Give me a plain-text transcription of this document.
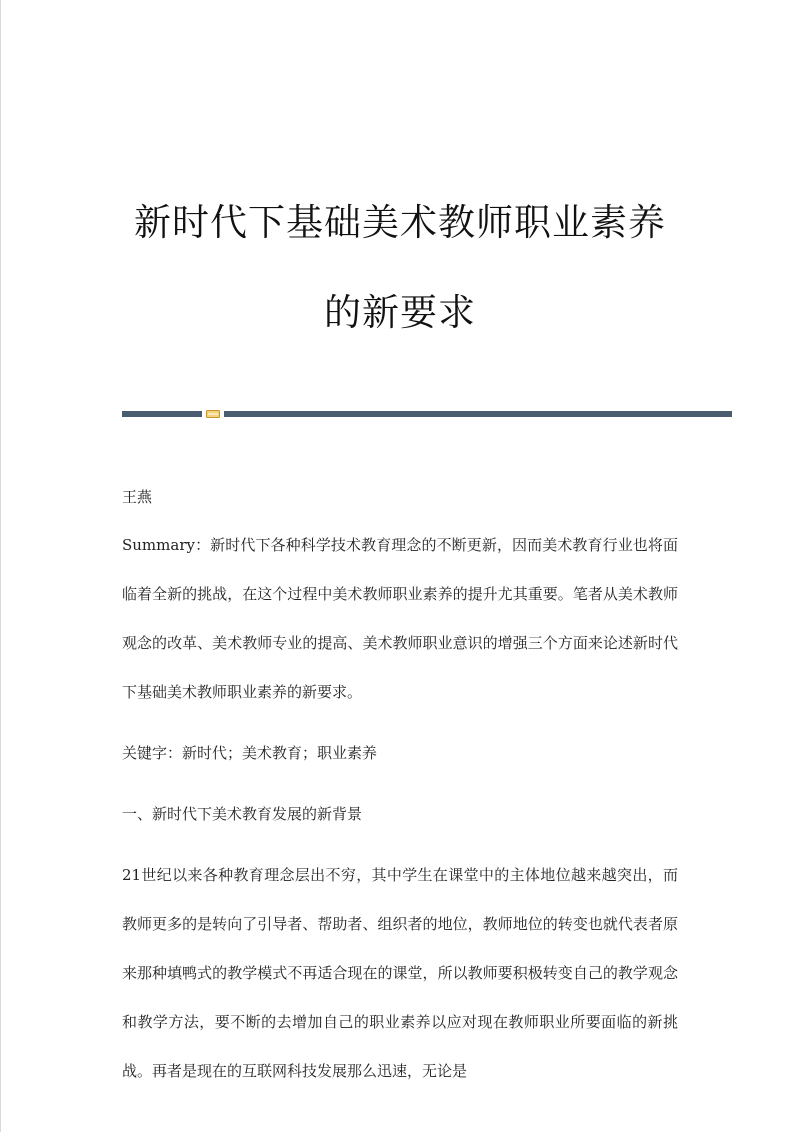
新时代下基础美术教师职业素养的新要求

王燕

Summary：新时代下各种科学技术教育理念的不断更新，因而美术教育行业也将面临着全新的挑战，在这个过程中美术教师职业素养的提升尤其重要。笔者从美术教师观念的改革、美术教师专业的提高、美术教师职业意识的增强三个方面来论述新时代下基础美术教师职业素养的新要求。

关键字：新时代；美术教育；职业素养

一、新时代下美术教育发展的新背景

21世纪以来各种教育理念层出不穷，其中学生在课堂中的主体地位越来越突出，而教师更多的是转向了引导者、帮助者、组织者的地位，教师地位的转变也就代表者原来那种填鸭式的教学模式不再适合现在的课堂，所以教师要积极转变自己的教学观念和教学方法，要不断的去增加自己的职业素养以应对现在教师职业所要面临的新挑战。再者是现在的互联网科技发展那么迅速，无论是
